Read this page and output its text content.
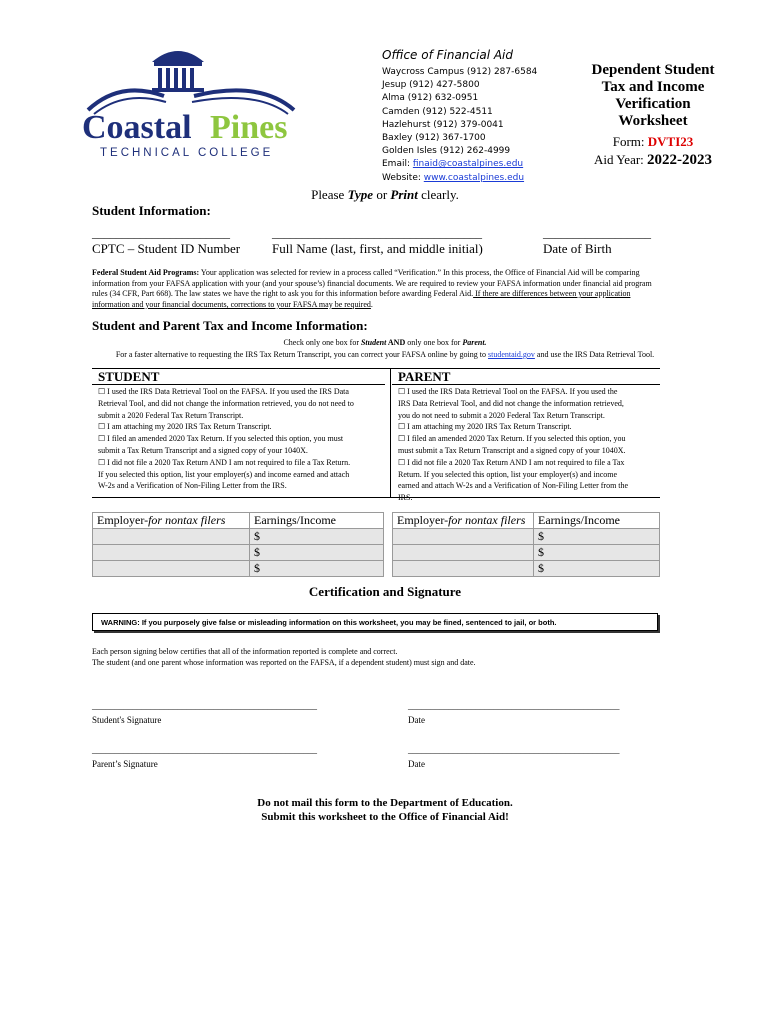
Coastal Pines
TECHNICAL COLLEGE
Office of Financial Aid
Waycross Campus (912) 287-6584
Jesup (912) 427-5800
Alma (912) 632-0951
Camden (912) 522-4511
Hazlehurst (912) 379-0041
Baxley (912) 367-1700
Golden Isles (912) 262-4999
Email: finaid@coastalpines.edu
Website: www.coastalpines.edu
Dependent Student
Tax and Income
Verification
Worksheet
Form: DVTI23
Aid Year: 2022-2023
Please Type or Print clearly.
Student Information:
_______________________
CPTC – Student ID Number
___________________________________
Full Name (last, first, and middle initial)
__________________
Date of Birth
Federal Student Aid Programs: Your application was selected for review in a process called “Verification.” In this process, the Office of Financial Aid will be comparing information from your FAFSA application with your (and your spouse’s) financial documents. We are required to review your FAFSA information under financial aid program rules (34 CFR, Part 668). The law states we have the right to ask you for this information before awarding Federal Aid. If there are differences between your application information and your financial documents, corrections to your FAFSA may be required.
Student and Parent Tax and Income Information:
Check only one box for Student AND only one box for Parent.
For a faster alternative to requesting the IRS Tax Return Transcript, you can correct your FAFSA online by going to studentaid.gov and use the IRS Data Retrieval Tool.
STUDENT	PARENT
☐ I used the IRS Data Retrieval Tool on the FAFSA. If you used the IRS Data
Retrieval Tool, and did not change the information retrieved, you do not need to
submit a 2020 Federal Tax Return Transcript.
☐ I am attaching my 2020 IRS Tax Return Transcript.
☐ I filed an amended 2020 Tax Return. If you selected this option, you must
submit a Tax Return Transcript and a signed copy of your 1040X.
☐ I did not file a 2020 Tax Return AND I am not required to file a Tax Return.
If you selected this option, list your employer(s) and income earned and attach
W-2s and a Verification of Non-Filing Letter from the IRS.
☐ I used the IRS Data Retrieval Tool on the FAFSA. If you used the
IRS Data Retrieval Tool, and did not change the information retrieved,
you do not need to submit a 2020 Federal Tax Return Transcript.
☐ I am attaching my 2020 IRS Tax Return Transcript.
☐ I filed an amended 2020 Tax Return. If you selected this option, you
must submit a Tax Return Transcript and a signed copy of your 1040X.
☐ I did not file a 2020 Tax Return AND I am not required to file a Tax
Return. If you selected this option, list your employer(s) and income
earned and attach W-2s and a Verification of Non-Filing Letter from the
IRS.
Employer-for nontax filers	Earnings/Income
	$
	$
	$
Employer-for nontax filers	Earnings/Income
	$
	$
	$
Certification and Signature
WARNING: If you purposely give false or misleading information on this worksheet, you may be fined, sentenced to jail, or both.
Each person signing below certifies that all of the information reported is complete and correct.
The student (and one parent whose information was reported on the FAFSA, if a dependent student) must sign and date.
__________________________________________________
Student's Signature
_______________________________________________
Date
__________________________________________________
Parent’s Signature
_______________________________________________
Date
Do not mail this form to the Department of Education.
Submit this worksheet to the Office of Financial Aid!
